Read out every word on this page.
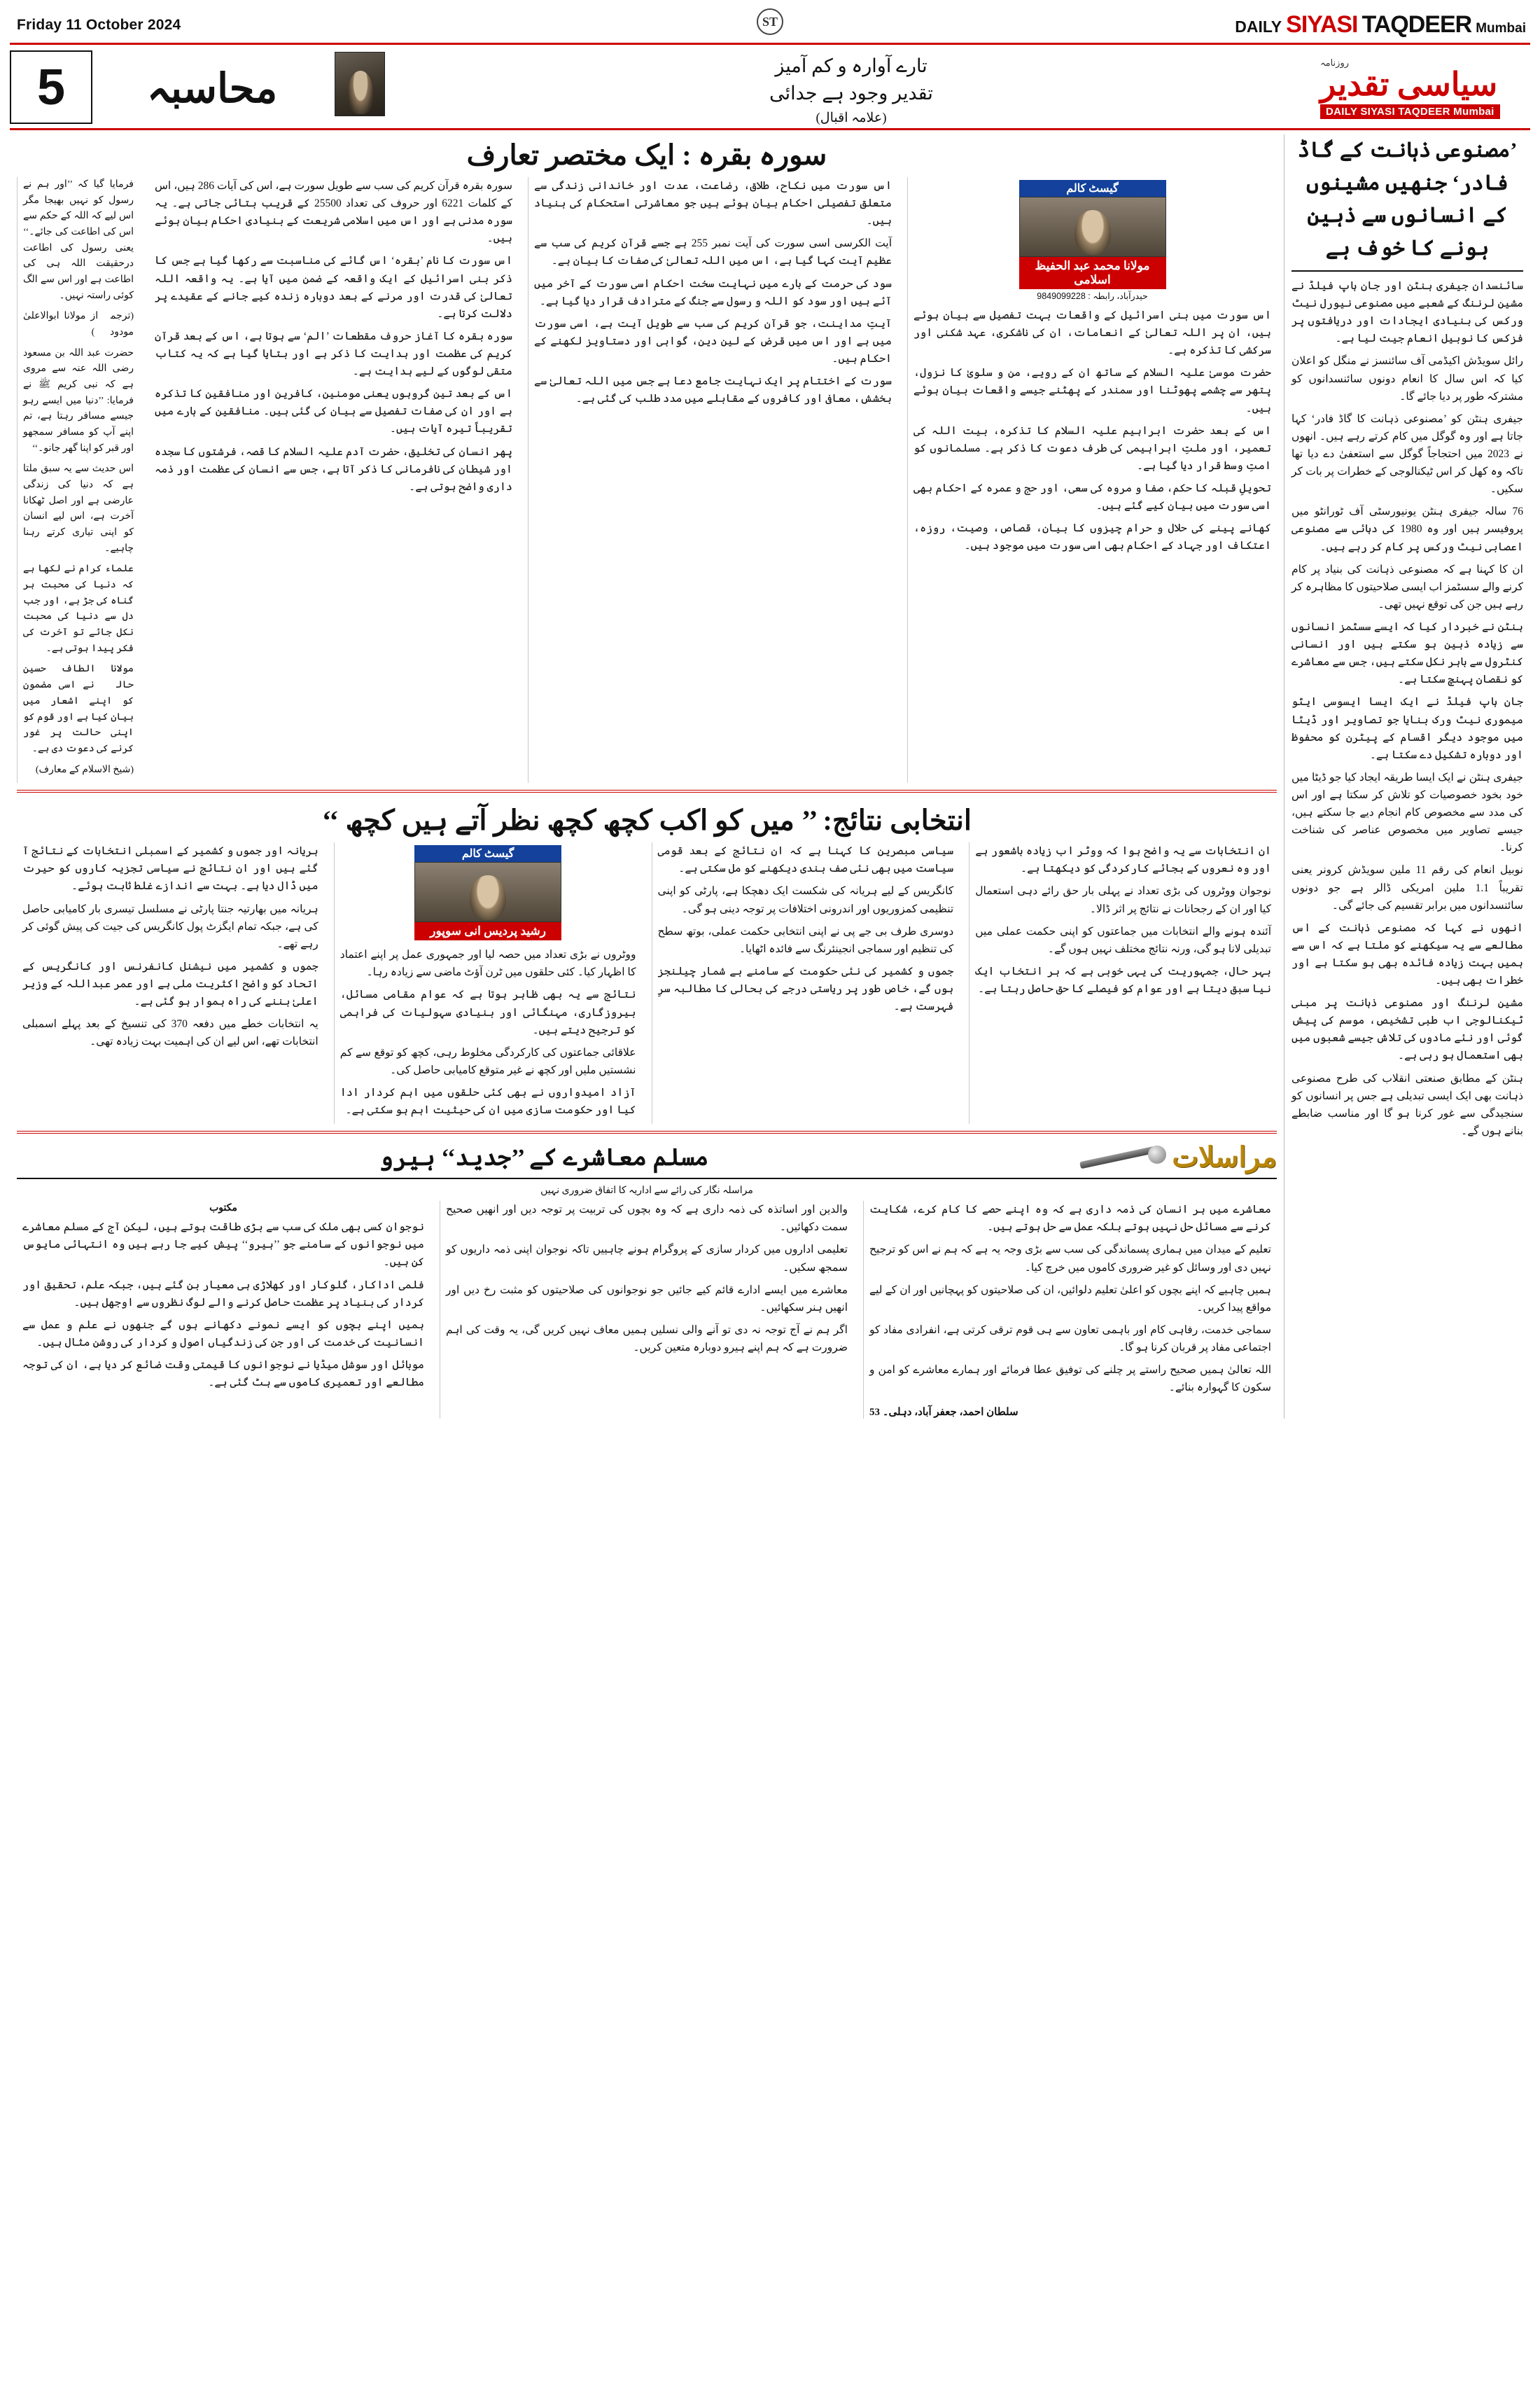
Friday 11 October 2024	ST	DAILY SIYASI TAQDEER Mumbai
5	محاسبہ	تارے آوارہ و کم آمیز
تقدیر وجود ہے جدائی
(علامہ اقبال)
روزنامہ
سیاسی تقدیر
DAILY SIYASI TAQDEER Mumbai
’مصنوعی ذہانت کے گاڈ فادر‘ جنھیں مشینوں کے انسانوں سے ذہین ہونے کا خوف ہے

سائنسدان جیفری ہنٹن اور جان ہاپ فیلڈ نے مشین لرننگ کے شعبے میں مصنوعی نیورل نیٹ ورکس کی بنیادی ایجادات اور دریافتوں پر فزکس کا نوبیل انعام جیت لیا ہے۔

رائل سویڈش اکیڈمی آف سائنسز نے منگل کو اعلان کیا کہ اس سال کا انعام دونوں سائنسدانوں کو مشترکہ طور پر دیا جائے گا۔

جیفری ہنٹن کو ’مصنوعی ذہانت کا گاڈ فادر‘ کہا جاتا ہے اور وہ گوگل میں کام کرتے رہے ہیں۔ انھوں نے 2023 میں احتجاجاً گوگل سے استعفیٰ دے دیا تھا تاکہ وہ کھل کر اس ٹیکنالوجی کے خطرات پر بات کر سکیں۔

76 سالہ جیفری ہنٹن یونیورسٹی آف ٹورانٹو میں پروفیسر ہیں اور وہ 1980 کی دہائی سے مصنوعی اعصابی نیٹ ورکس پر کام کر رہے ہیں۔

ان کا کہنا ہے کہ مصنوعی ذہانت کی بنیاد پر کام کرنے والے سسٹمز اب ایسی صلاحیتوں کا مظاہرہ کر رہے ہیں جن کی توقع نہیں تھی۔

ہنٹن نے خبردار کیا کہ ایسے سسٹمز انسانوں سے زیادہ ذہین ہو سکتے ہیں اور انسانی کنٹرول سے باہر نکل سکتے ہیں، جس سے معاشرے کو نقصان پہنچ سکتا ہے۔

جان ہاپ فیلڈ نے ایک ایسا ایسوسی ایٹو میموری نیٹ ورک بنایا جو تصاویر اور ڈیٹا میں موجود دیگر اقسام کے پیٹرن کو محفوظ اور دوبارہ تشکیل دے سکتا ہے۔

جیفری ہنٹن نے ایک ایسا طریقہ ایجاد کیا جو ڈیٹا میں خود بخود خصوصیات کو تلاش کر سکتا ہے اور اس کی مدد سے مخصوص کام انجام دیے جا سکتے ہیں، جیسے تصاویر میں مخصوص عناصر کی شناخت کرنا۔

نوبیل انعام کی رقم 11 ملین سویڈش کرونر یعنی تقریباً 1.1 ملین امریکی ڈالر ہے جو دونوں سائنسدانوں میں برابر تقسیم کی جائے گی۔

انھوں نے کہا کہ مصنوعی ذہانت کے اس مطالعے سے یہ سیکھنے کو ملتا ہے کہ اس سے ہمیں بہت زیادہ فائدہ بھی ہو سکتا ہے اور خطرات بھی ہیں۔

مشین لرننگ اور مصنوعی ذہانت پر مبنی ٹیکنالوجی اب طبی تشخیص، موسم کی پیش گوئی اور نئے مادوں کی تلاش جیسے شعبوں میں بھی استعمال ہو رہی ہے۔

ہنٹن کے مطابق صنعتی انقلاب کی طرح مصنوعی ذہانت بھی ایک ایسی تبدیلی ہے جس پر انسانوں کو سنجیدگی سے غور کرنا ہو گا اور مناسب ضابطے بنانے ہوں گے۔

سورہ بقرہ : ایک مختصر تعارف

فرمایا گیا کہ ’’اور ہم نے رسول کو نہیں بھیجا مگر اس لیے کہ اللہ کے حکم سے اس کی اطاعت کی جائے۔‘‘ یعنی رسول کی اطاعت درحقیقت اللہ ہی کی اطاعت ہے اور اس سے الگ کوئی راستہ نہیں۔

(ترجمہ از مولانا ابوالاعلیٰ مودودیؒ)

حضرت عبد اللہ بن مسعود رضی اللہ عنہ سے مروی ہے کہ نبی کریم ﷺ نے فرمایا: ’’دنیا میں ایسے رہو جیسے مسافر رہتا ہے، تم اپنے آپ کو مسافر سمجھو اور قبر کو اپنا گھر جانو۔‘‘

اس حدیث سے یہ سبق ملتا ہے کہ دنیا کی زندگی عارضی ہے اور اصل ٹھکانا آخرت ہے، اس لیے انسان کو اپنی تیاری کرتے رہنا چاہیے۔

علماء کرام نے لکھا ہے کہ دنیا کی محبت ہر گناہ کی جڑ ہے، اور جب دل سے دنیا کی محبت نکل جائے تو آخرت کی فکر پیدا ہوتی ہے۔

مولانا الطاف حسین حالیؒ نے اسی مضمون کو اپنے اشعار میں بیان کیا ہے اور قوم کو اپنی حالت پر غور کرنے کی دعوت دی ہے۔

(شیخ الاسلام کے معارف)

گیسٹ کالم
مولانا محمد عبد الحفیظ اسلامی
9849099228 : حیدرآباد، رابطہ

اس سورت میں بنی اسرائیل کے واقعات بہت تفصیل سے بیان ہوئے ہیں، ان پر اللہ تعالیٰ کے انعامات، ان کی ناشکری، عہد شکنی اور سرکشی کا تذکرہ ہے۔

حضرت موسیٰ علیہ السلام کے ساتھ ان کے رویے، من و سلویٰ کا نزول، پتھر سے چشمے پھوٹنا اور سمندر کے پھٹنے جیسے واقعات بیان ہوئے ہیں۔

اس کے بعد حضرت ابراہیم علیہ السلام کا تذکرہ، بیت اللہ کی تعمیر، اور ملتِ ابراہیمی کی طرف دعوت کا ذکر ہے۔ مسلمانوں کو امتِ وسط قرار دیا گیا ہے۔

تحویلِ قبلہ کا حکم، صفا و مروہ کی سعی، اور حج و عمرہ کے احکام بھی اسی سورت میں بیان کیے گئے ہیں۔

کھانے پینے کی حلال و حرام چیزوں کا بیان، قصاص، وصیت، روزہ، اعتکاف اور جہاد کے احکام بھی اسی سورت میں موجود ہیں۔

اس سورت میں نکاح، طلاق، رضاعت، عدت اور خاندانی زندگی سے متعلق تفصیلی احکام بیان ہوئے ہیں جو معاشرتی استحکام کی بنیاد ہیں۔

آیت الکرسی اسی سورت کی آیت نمبر 255 ہے جسے قرآن کریم کی سب سے عظیم آیت کہا گیا ہے، اس میں اللہ تعالیٰ کی صفات کا بیان ہے۔

سود کی حرمت کے بارے میں نہایت سخت احکام اسی سورت کے آخر میں آئے ہیں اور سود کو اللہ و رسول سے جنگ کے مترادف قرار دیا گیا ہے۔

آیتِ مداینت، جو قرآن کریم کی سب سے طویل آیت ہے، اسی سورت میں ہے اور اس میں قرض کے لین دین، گواہی اور دستاویز لکھنے کے احکام ہیں۔

سورت کے اختتام پر ایک نہایت جامع دعا ہے جس میں اللہ تعالیٰ سے بخشش، معافی اور کافروں کے مقابلے میں مدد طلب کی گئی ہے۔

سورہ بقرہ قرآن کریم کی سب سے طویل سورت ہے، اس کی آیات 286 ہیں، اس کے کلمات 6221 اور حروف کی تعداد 25500 کے قریب بتائی جاتی ہے۔ یہ سورہ مدنی ہے اور اس میں اسلامی شریعت کے بنیادی احکام بیان ہوئے ہیں۔

اس سورت کا نام ’بقرہ‘ اس گائے کی مناسبت سے رکھا گیا ہے جس کا ذکر بنی اسرائیل کے ایک واقعہ کے ضمن میں آیا ہے۔ یہ واقعہ اللہ تعالیٰ کی قدرت اور مرنے کے بعد دوبارہ زندہ کیے جانے کے عقیدے پر دلالت کرتا ہے۔

سورہ بقرہ کا آغاز حروف مقطعات ’الم‘ سے ہوتا ہے، اس کے بعد قرآن کریم کی عظمت اور ہدایت کا ذکر ہے اور بتایا گیا ہے کہ یہ کتاب متقی لوگوں کے لیے ہدایت ہے۔

اس کے بعد تین گروہوں یعنی مومنین، کافرین اور منافقین کا تذکرہ ہے اور ان کی صفات تفصیل سے بیان کی گئی ہیں۔ منافقین کے بارے میں تقریباً تیرہ آیات ہیں۔

پھر انسان کی تخلیق، حضرت آدم علیہ السلام کا قصہ، فرشتوں کا سجدہ اور شیطان کی نافرمانی کا ذکر آتا ہے، جس سے انسان کی عظمت اور ذمہ داری واضح ہوتی ہے۔

انتخابی نتائج: ’’ میں کو اکب کچھ کچھ نظر آتے ہیں کچھ ‘‘

ان انتخابات سے یہ واضح ہوا کہ ووٹر اب زیادہ باشعور ہے اور وہ نعروں کے بجائے کارکردگی کو دیکھتا ہے۔

نوجوان ووٹروں کی بڑی تعداد نے پہلی بار حق رائے دہی استعمال کیا اور ان کے رجحانات نے نتائج پر اثر ڈالا۔

آئندہ ہونے والے انتخابات میں جماعتوں کو اپنی حکمت عملی میں تبدیلی لانا ہو گی، ورنہ نتائج مختلف نہیں ہوں گے۔

بہر حال، جمہوریت کی یہی خوبی ہے کہ ہر انتخاب ایک نیا سبق دیتا ہے اور عوام کو فیصلے کا حق حاصل رہتا ہے۔

سیاسی مبصرین کا کہنا ہے کہ ان نتائج کے بعد قومی سیاست میں بھی نئی صف بندی دیکھنے کو مل سکتی ہے۔

کانگریس کے لیے ہریانہ کی شکست ایک دھچکا ہے، پارٹی کو اپنی تنظیمی کمزوریوں اور اندرونی اختلافات پر توجہ دینی ہو گی۔

دوسری طرف بی جے پی نے اپنی انتخابی حکمت عملی، بوتھ سطح کی تنظیم اور سماجی انجینئرنگ سے فائدہ اٹھایا۔

جموں و کشمیر کی نئی حکومت کے سامنے بے شمار چیلنجز ہوں گے، خاص طور پر ریاستی درجے کی بحالی کا مطالبہ سرِ فہرست ہے۔

گیسٹ کالم
رشید پردیس انی سوپور

ووٹروں نے بڑی تعداد میں حصہ لیا اور جمہوری عمل پر اپنے اعتماد کا اظہار کیا۔ کئی حلقوں میں ٹرن آؤٹ ماضی سے زیادہ رہا۔

نتائج سے یہ بھی ظاہر ہوتا ہے کہ عوام مقامی مسائل، بیروزگاری، مہنگائی اور بنیادی سہولیات کی فراہمی کو ترجیح دیتے ہیں۔

علاقائی جماعتوں کی کارکردگی مخلوط رہی، کچھ کو توقع سے کم نشستیں ملیں اور کچھ نے غیر متوقع کامیابی حاصل کی۔

آزاد امیدواروں نے بھی کئی حلقوں میں اہم کردار ادا کیا اور حکومت سازی میں ان کی حیثیت اہم ہو سکتی ہے۔

ہریانہ اور جموں و کشمیر کے اسمبلی انتخابات کے نتائج آ گئے ہیں اور ان نتائج نے سیاسی تجزیہ کاروں کو حیرت میں ڈال دیا ہے۔ بہت سے اندازے غلط ثابت ہوئے۔

ہریانہ میں بھارتیہ جنتا پارٹی نے مسلسل تیسری بار کامیابی حاصل کی ہے، جبکہ تمام ایگزٹ پول کانگریس کی جیت کی پیش گوئی کر رہے تھے۔

جموں و کشمیر میں نیشنل کانفرنس اور کانگریس کے اتحاد کو واضح اکثریت ملی ہے اور عمر عبداللہ کے وزیر اعلیٰ بننے کی راہ ہموار ہو گئی ہے۔

یہ انتخابات خطے میں دفعہ 370 کی تنسیخ کے بعد پہلے اسمبلی انتخابات تھے، اس لیے ان کی اہمیت بہت زیادہ تھی۔

مراسلات
مسلم معاشرے کے ’’جدید‘‘ ہیرو
مراسلہ نگار کی رائے سے اداریہ کا اتفاق ضروری نہیں

معاشرے میں ہر انسان کی ذمہ داری ہے کہ وہ اپنے حصے کا کام کرے، شکایت کرنے سے مسائل حل نہیں ہوتے بلکہ عمل سے حل ہوتے ہیں۔

تعلیم کے میدان میں ہماری پسماندگی کی سب سے بڑی وجہ یہ ہے کہ ہم نے اس کو ترجیح نہیں دی اور وسائل کو غیر ضروری کاموں میں خرچ کیا۔

ہمیں چاہیے کہ اپنے بچوں کو اعلیٰ تعلیم دلوائیں، ان کی صلاحیتوں کو پہچانیں اور ان کے لیے مواقع پیدا کریں۔

سماجی خدمت، رفاہی کام اور باہمی تعاون سے ہی قوم ترقی کرتی ہے، انفرادی مفاد کو اجتماعی مفاد پر قربان کرنا ہو گا۔

اللہ تعالیٰ ہمیں صحیح راستے پر چلنے کی توفیق عطا فرمائے اور ہمارے معاشرے کو امن و سکون کا گہوارہ بنائے۔

سلطان احمد، جعفر آباد، دہلی۔ 53

والدین اور اساتذہ کی ذمہ داری ہے کہ وہ بچوں کی تربیت پر توجہ دیں اور انھیں صحیح سمت دکھائیں۔

تعلیمی اداروں میں کردار سازی کے پروگرام ہونے چاہییں تاکہ نوجوان اپنی ذمہ داریوں کو سمجھ سکیں۔

معاشرے میں ایسے ادارے قائم کیے جائیں جو نوجوانوں کی صلاحیتوں کو مثبت رخ دیں اور انھیں ہنر سکھائیں۔

اگر ہم نے آج توجہ نہ دی تو آنے والی نسلیں ہمیں معاف نہیں کریں گی، یہ وقت کی اہم ضرورت ہے کہ ہم اپنے ہیرو دوبارہ متعین کریں۔

مکتوب

نوجوان کسی بھی ملک کی سب سے بڑی طاقت ہوتے ہیں، لیکن آج کے مسلم معاشرے میں نوجوانوں کے سامنے جو ’’ہیرو‘‘ پیش کیے جا رہے ہیں وہ انتہائی مایوس کن ہیں۔

فلمی اداکار، گلوکار اور کھلاڑی ہی معیار بن گئے ہیں، جبکہ علم، تحقیق اور کردار کی بنیاد پر عظمت حاصل کرنے والے لوگ نظروں سے اوجھل ہیں۔

ہمیں اپنے بچوں کو ایسے نمونے دکھانے ہوں گے جنھوں نے علم و عمل سے انسانیت کی خدمت کی اور جن کی زندگیاں اصول و کردار کی روشن مثال ہیں۔

موبائل اور سوشل میڈیا نے نوجوانوں کا قیمتی وقت ضائع کر دیا ہے، ان کی توجہ مطالعے اور تعمیری کاموں سے ہٹ گئی ہے۔
